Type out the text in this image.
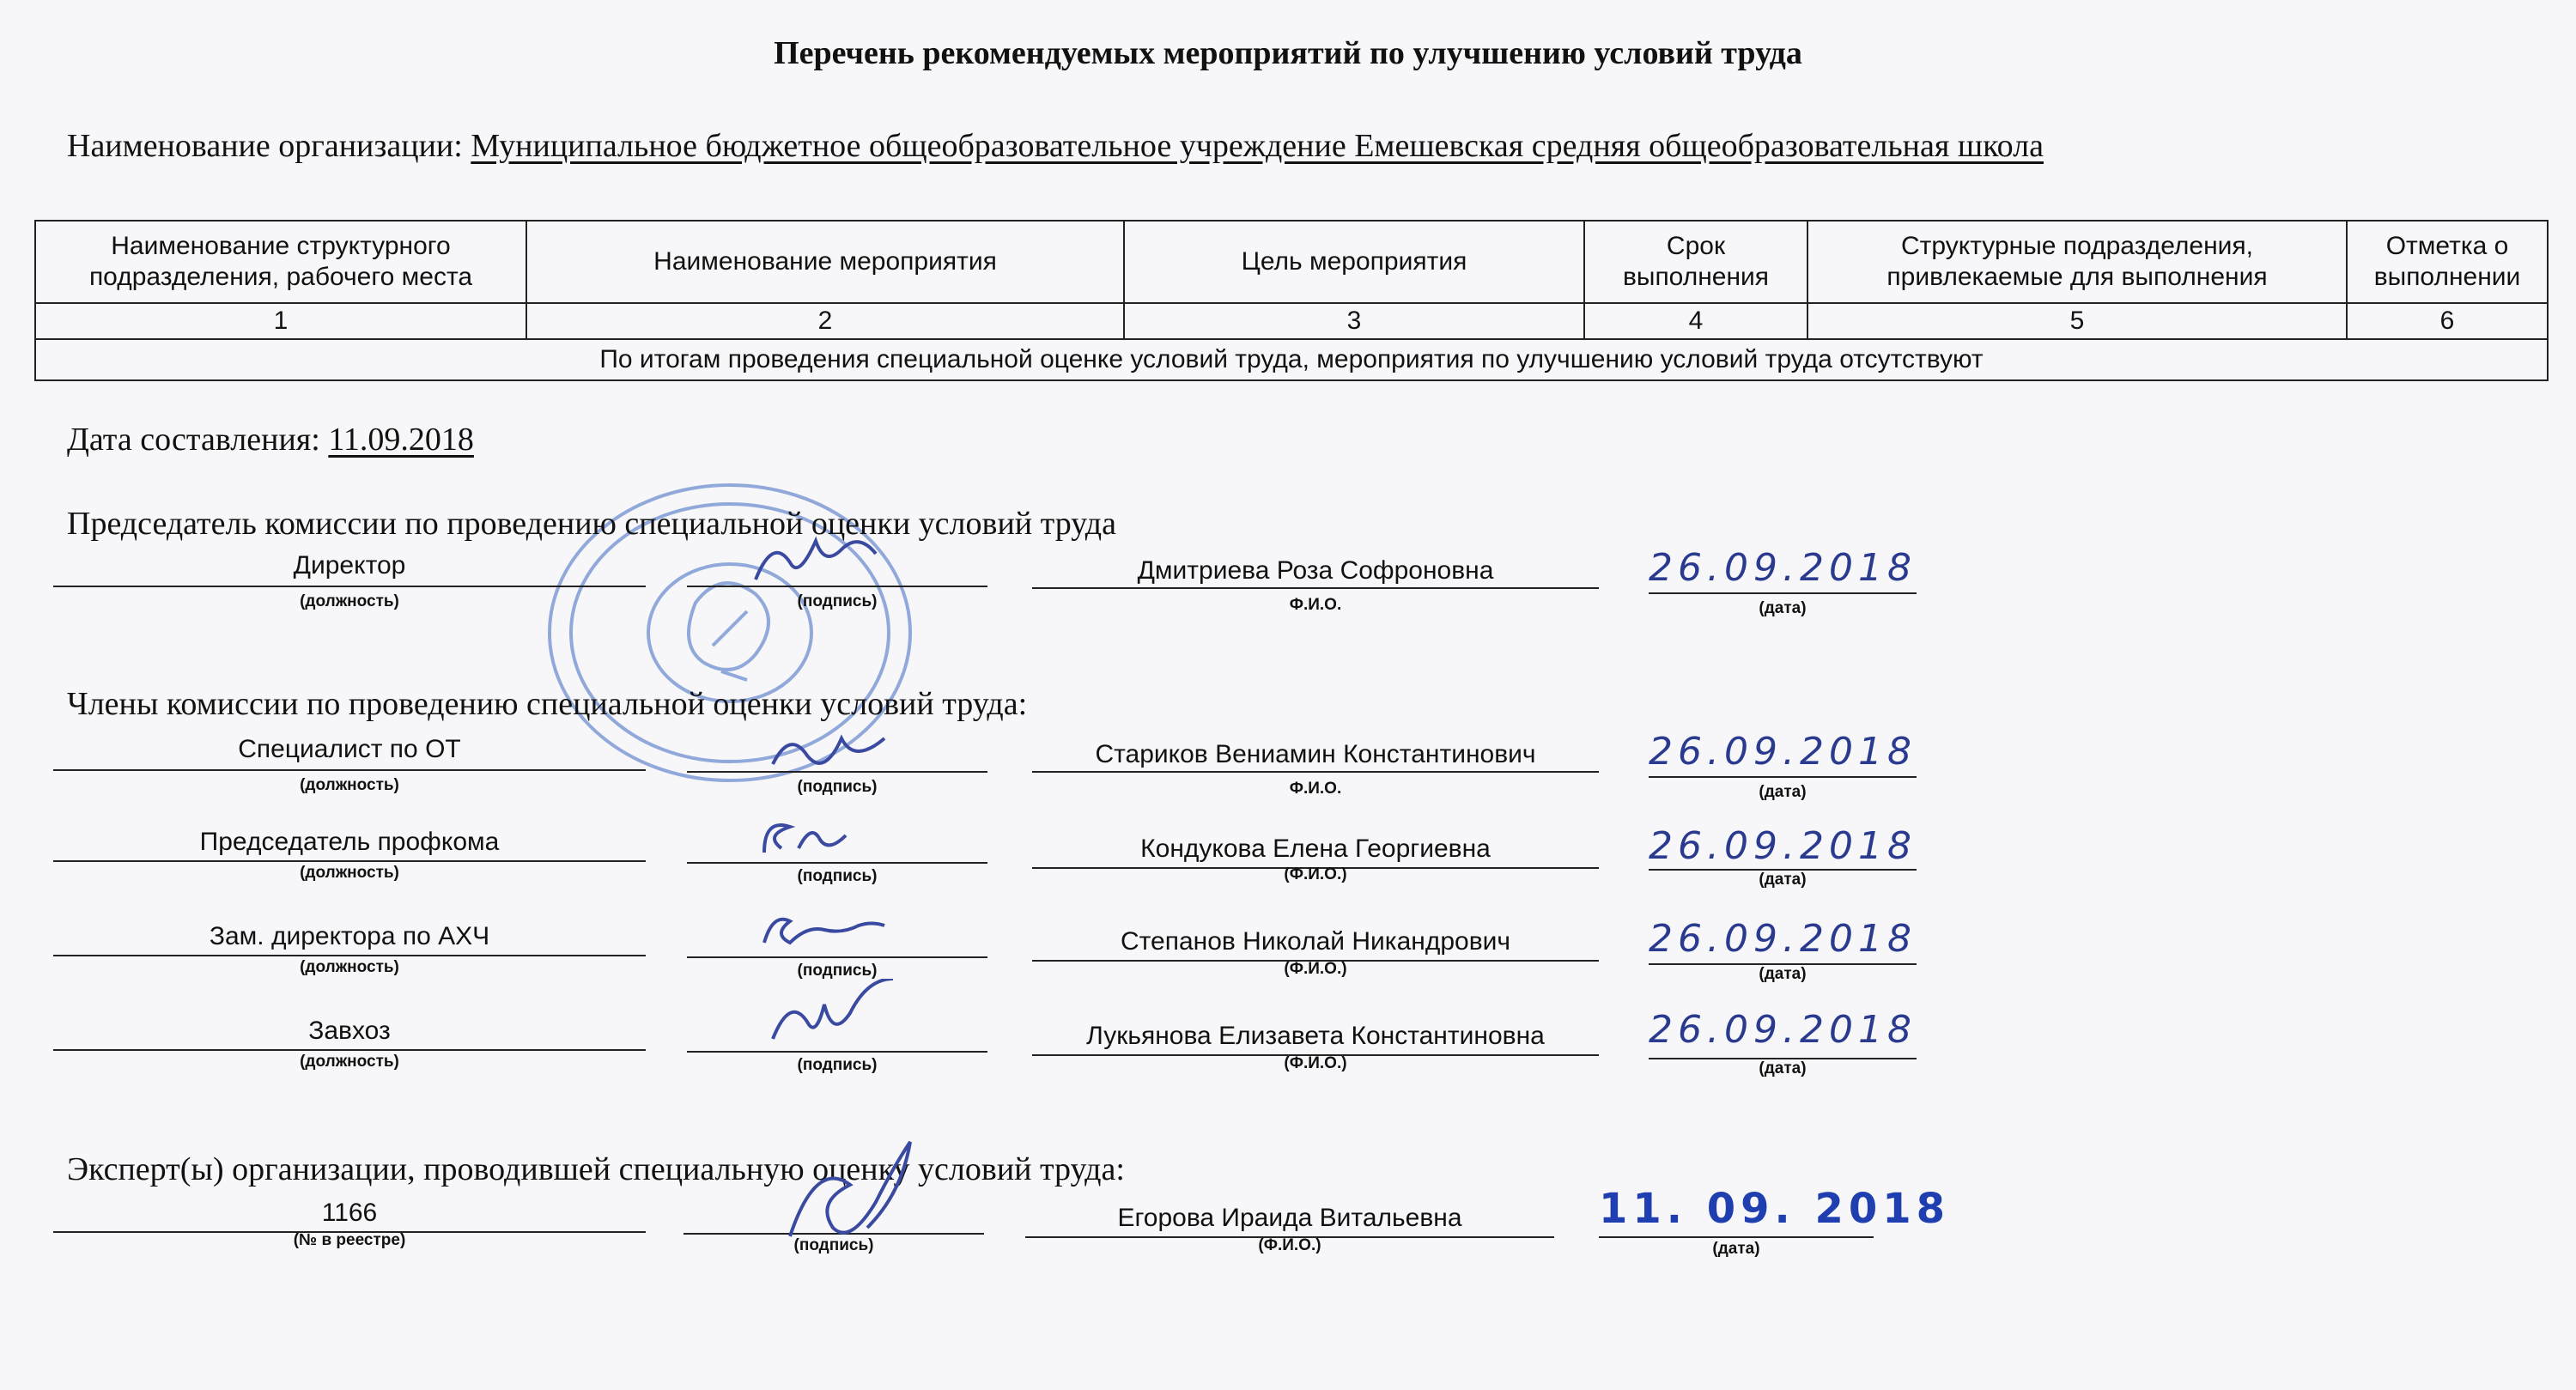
Перечень рекомендуемых мероприятий по улучшению условий труда
Наименование организации: Муниципальное бюджетное общеобразовательное учреждение Емешевская средняя общеобразовательная школа
Наименование структурного подразделения, рабочего места	Наименование мероприятия	Цель мероприятия	Срок выполнения	Структурные подразделения, привлекаемые для выполнения	Отметка о выполнении
1	2	3	4	5	6
По итогам проведения специальной оценке условий труда, мероприятия по улучшению условий труда отсутствуют					
Дата составления: 11.09.2018
Председатель комиссии по проведению специальной оценки условий труда
Директор
(должность)	(подпись)
Дмитриева Роза Софроновна
Ф.И.О.
26.09.2018
(дата)
Члены комиссии по проведению специальной оценки условий труда:
Специалист по ОТ
(должность)	(подпись)
Стариков Вениамин Константинович
Ф.И.О.
26.09.2018
(дата)
Председатель профкома
(должность)	(подпись)
Кондукова Елена Георгиевна
(Ф.И.О.)
26.09.2018
(дата)
Зам. директора по АХЧ
(должность)	(подпись)
Степанов Николай Никандрович
(Ф.И.О.)
26.09.2018
(дата)
Завхоз
(должность)	(подпись)
Лукьянова Елизавета Константиновна
(Ф.И.О.)
26.09.2018
(дата)
Эксперт(ы) организации, проводившей специальную оценку условий труда:
1166
(№ в реестре)	(подпись)
Егорова Ираида Витальевна
(Ф.И.О.)
11. 09. 2018
(дата)
